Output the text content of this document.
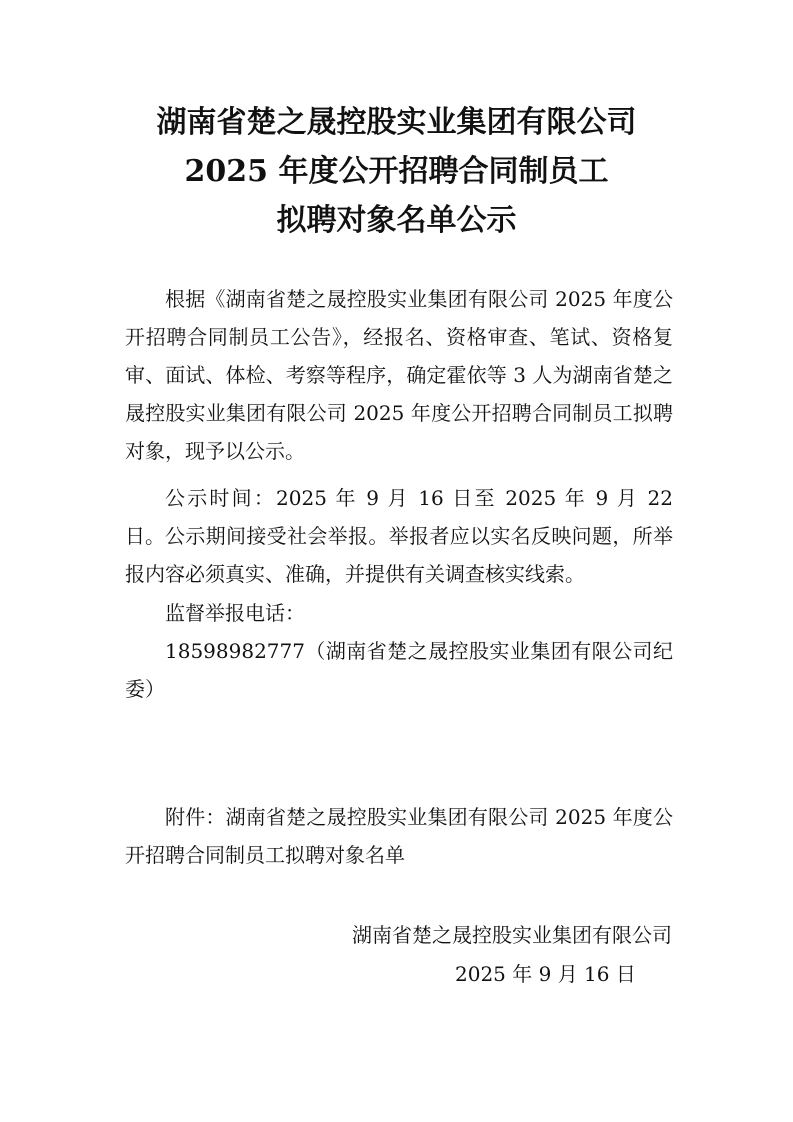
湖南省楚之晟控股实业集团有限公司
2025 年度公开招聘合同制员工
拟聘对象名单公示

根据《湖南省楚之晟控股实业集团有限公司 2025 年度公开招聘合同制员工公告》，经报名、资格审查、笔试、资格复审、面试、体检、考察等程序，确定霍依等 3 人为湖南省楚之晟控股实业集团有限公司 2025 年度公开招聘合同制员工拟聘对象，现予以公示。

公示时间：2025 年 9 月 16 日至 2025 年 9 月 22 日。 公示期间接受社会举报。举报者应以实名反映问题，所举报内容必须真实、准确，并提供有关调查核实线索。

监督举报电话：

18598982777（湖南省楚之晟控股实业集团有限公司纪委）

附件：湖南省楚之晟控股实业集团有限公司 2025 年度公开招聘合同制员工拟聘对象名单

湖南省楚之晟控股实业集团有限公司

2025 年 9 月 16 日
